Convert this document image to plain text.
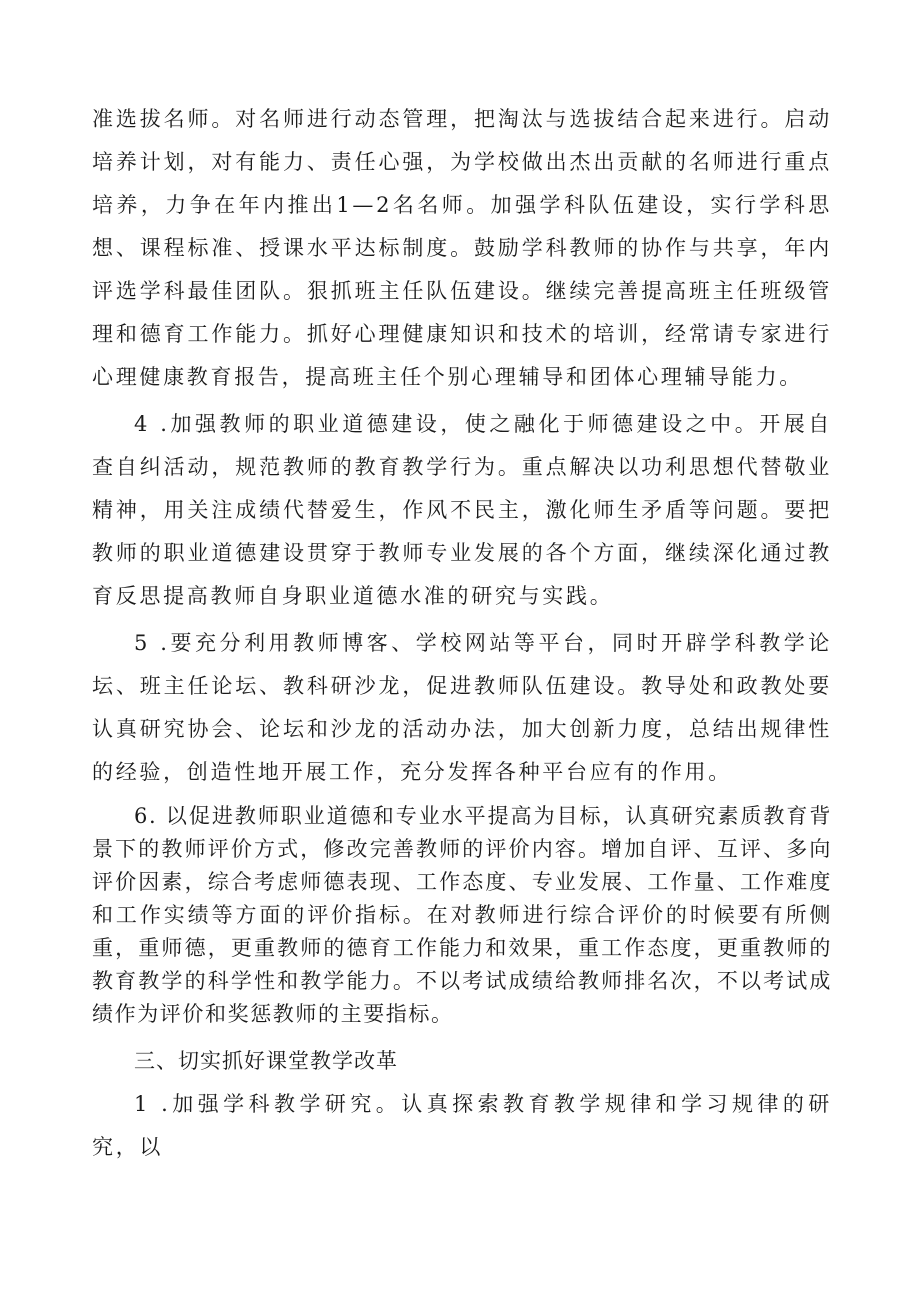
准选拔名师。对名师进行动态管理，把淘汰与选拔结合起来进行。启动培养计划，对有能力、责任心强，为学校做出杰出贡献的名师进行重点培养，力争在年内推出1—2名名师。加强学科队伍建设，实行学科思想、课程标准、授课水平达标制度。鼓励学科教师的协作与共享，年内评选学科最佳团队。狠抓班主任队伍建设。继续完善提高班主任班级管理和德育工作能力。抓好心理健康知识和技术的培训，经常请专家进行心理健康教育报告，提高班主任个别心理辅导和团体心理辅导能力。

4 .加强教师的职业道德建设，使之融化于师德建设之中。开展自查自纠活动，规范教师的教育教学行为。重点解决以功利思想代替敬业精神，用关注成绩代替爱生，作风不民主，激化师生矛盾等问题。要把教师的职业道德建设贯穿于教师专业发展的各个方面，继续深化通过教育反思提高教师自身职业道德水准的研究与实践。

5 .要充分利用教师博客、学校网站等平台，同时开辟学科教学论坛、班主任论坛、教科研沙龙，促进教师队伍建设。教导处和政教处要认真研究协会、论坛和沙龙的活动办法，加大创新力度，总结出规律性的经验，创造性地开展工作，充分发挥各种平台应有的作用。

6. 以促进教师职业道德和专业水平提高为目标，认真研究素质教育背景下的教师评价方式，修改完善教师的评价内容。增加自评、互评、多向评价因素，综合考虑师德表现、工作态度、专业发展、工作量、工作难度和工作实绩等方面的评价指标。在对教师进行综合评价的时候要有所侧重，重师德，更重教师的德育工作能力和效果，重工作态度，更重教师的教育教学的科学性和教学能力。不以考试成绩给教师排名次，不以考试成绩作为评价和奖惩教师的主要指标。

三、切实抓好课堂教学改革

1 .加强学科教学研究。认真探索教育教学规律和学习规律的研究，以
